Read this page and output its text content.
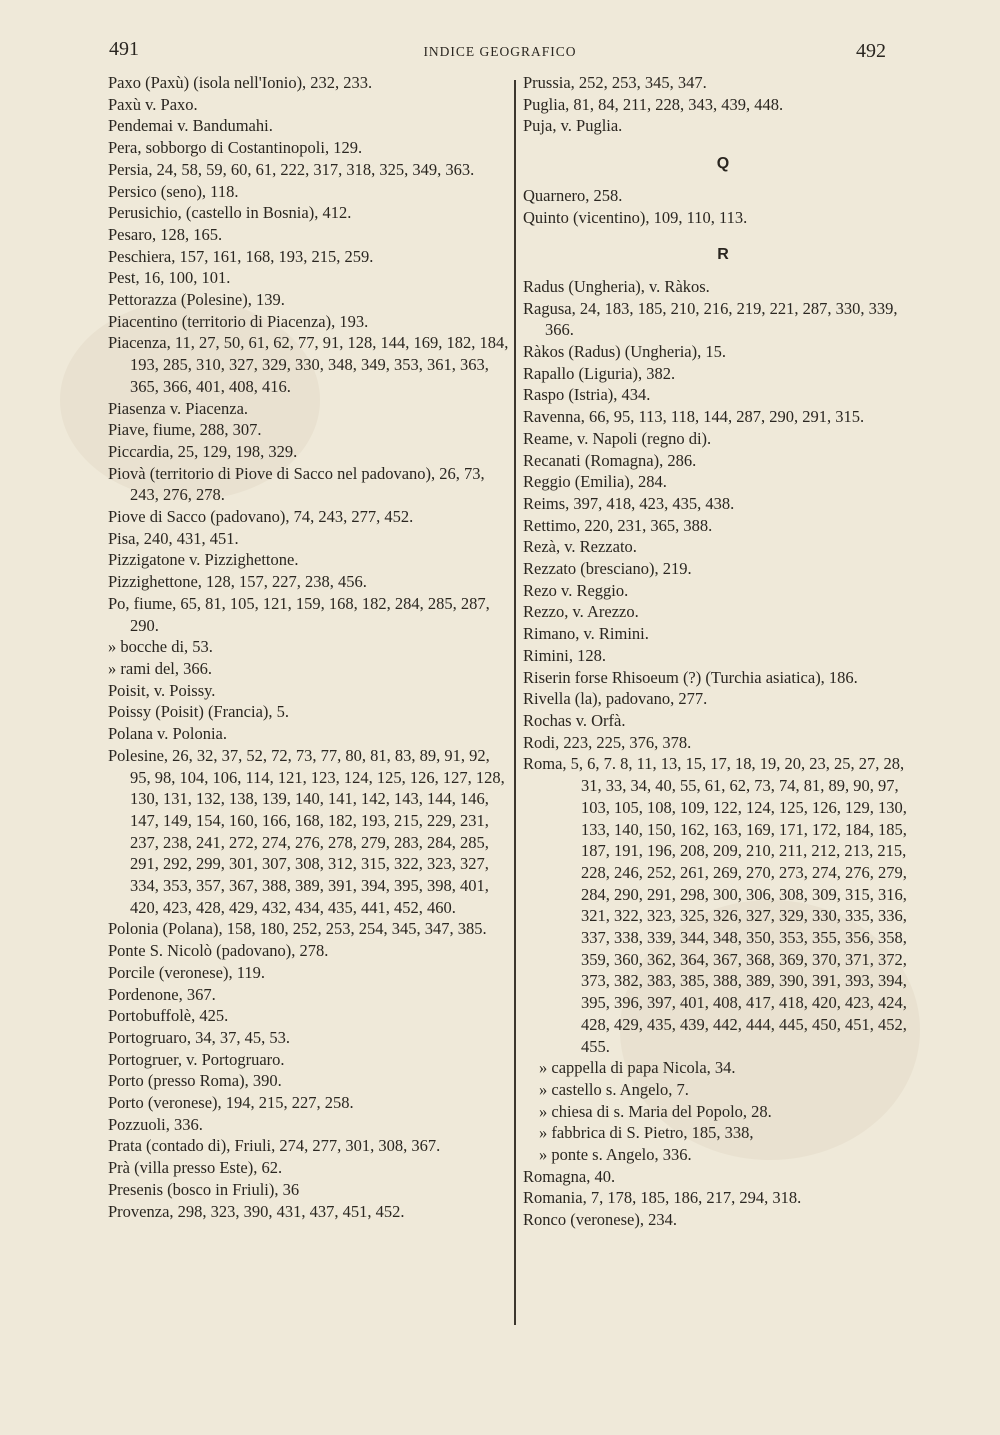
491	INDICE GEOGRAFICO	492
Paxo (Paxù) (isola nell'Ionio), 232, 233.
Paxù v. Paxo.
Pendemai v. Bandumahi.
Pera, sobborgo di Costantinopoli, 129.
Persia, 24, 58, 59, 60, 61, 222, 317, 318, 325, 349, 363.
Persico (seno), 118.
Perusichio, (castello in Bosnia), 412.
Pesaro, 128, 165.
Peschiera, 157, 161, 168, 193, 215, 259.
Pest, 16, 100, 101.
Pettorazza (Polesine), 139.
Piacentino (territorio di Piacenza), 193.
Piacenza, 11, 27, 50, 61, 62, 77, 91, 128, 144, 169, 182, 184, 193, 285, 310, 327, 329, 330, 348, 349, 353, 361, 363, 365, 366, 401, 408, 416.
Piasenza v. Piacenza.
Piave, fiume, 288, 307.
Piccardia, 25, 129, 198, 329.
Piovà (territorio di Piove di Sacco nel padovano), 26, 73, 243, 276, 278.
Piove di Sacco (padovano), 74, 243, 277, 452.
Pisa, 240, 431, 451.
Pizzigatone v. Pizzighettone.
Pizzighettone, 128, 157, 227, 238, 456.
Po, fiume, 65, 81, 105, 121, 159, 168, 182, 284, 285, 287, 290.
» bocche di, 53.
» rami del, 366.
Poisit, v. Poissy.
Poissy (Poisit) (Francia), 5.
Polana v. Polonia.
Polesine, 26, 32, 37, 52, 72, 73, 77, 80, 81, 83, 89, 91, 92, 95, 98, 104, 106, 114, 121, 123, 124, 125, 126, 127, 128, 130, 131, 132, 138, 139, 140, 141, 142, 143, 144, 146, 147, 149, 154, 160, 166, 168, 182, 193, 215, 229, 231, 237, 238, 241, 272, 274, 276, 278, 279, 283, 284, 285, 291, 292, 299, 301, 307, 308, 312, 315, 322, 323, 327, 334, 353, 357, 367, 388, 389, 391, 394, 395, 398, 401, 420, 423, 428, 429, 432, 434, 435, 441, 452, 460.
Polonia (Polana), 158, 180, 252, 253, 254, 345, 347, 385.
Ponte S. Nicolò (padovano), 278.
Porcile (veronese), 119.
Pordenone, 367.
Portobuffolè, 425.
Portogruaro, 34, 37, 45, 53.
Portogruer, v. Portogruaro.
Porto (presso Roma), 390.
Porto (veronese), 194, 215, 227, 258.
Pozzuoli, 336.
Prata (contado di), Friuli, 274, 277, 301, 308, 367.
Prà (villa presso Este), 62.
Presenis (bosco in Friuli), 36
Provenza, 298, 323, 390, 431, 437, 451, 452.
Prussia, 252, 253, 345, 347.
Puglia, 81, 84, 211, 228, 343, 439, 448.
Puja, v. Puglia.
Q
Quarnero, 258.
Quinto (vicentino), 109, 110, 113.
R
Radus (Ungheria), v. Ràkos.
Ragusa, 24, 183, 185, 210, 216, 219, 221, 287, 330, 339, 366.
Ràkos (Radus) (Ungheria), 15.
Rapallo (Liguria), 382.
Raspo (Istria), 434.
Ravenna, 66, 95, 113, 118, 144, 287, 290, 291, 315.
Reame, v. Napoli (regno di).
Recanati (Romagna), 286.
Reggio (Emilia), 284.
Reims, 397, 418, 423, 435, 438.
Rettimo, 220, 231, 365, 388.
Rezà, v. Rezzato.
Rezzato (bresciano), 219.
Rezo v. Reggio.
Rezzo, v. Arezzo.
Rimano, v. Rimini.
Rimini, 128.
Riserin forse Rhisoeum (?) (Turchia asiatica), 186.
Rivella (la), padovano, 277.
Rochas v. Orfà.
Rodi, 223, 225, 376, 378.
Roma, 5, 6, 7. 8, 11, 13, 15, 17, 18, 19, 20, 23, 25, 27, 28, 31, 33, 34, 40, 55, 61, 62, 73, 74, 81, 89, 90, 97, 103, 105, 108, 109, 122, 124, 125, 126, 129, 130, 133, 140, 150, 162, 163, 169, 171, 172, 184, 185, 187, 191, 196, 208, 209, 210, 211, 212, 213, 215, 228, 246, 252, 261, 269, 270, 273, 274, 276, 279, 284, 290, 291, 298, 300, 306, 308, 309, 315, 316, 321, 322, 323, 325, 326, 327, 329, 330, 335, 336, 337, 338, 339, 344, 348, 350, 353, 355, 356, 358, 359, 360, 362, 364, 367, 368, 369, 370, 371, 372, 373, 382, 383, 385, 388, 389, 390, 391, 393, 394, 395, 396, 397, 401, 408, 417, 418, 420, 423, 424, 428, 429, 435, 439, 442, 444, 445, 450, 451, 452, 455.
» cappella di papa Nicola, 34.
» castello s. Angelo, 7.
» chiesa di s. Maria del Popolo, 28.
» fabbrica di S. Pietro, 185, 338,
» ponte s. Angelo, 336.
Romagna, 40.
Romania, 7, 178, 185, 186, 217, 294, 318.
Ronco (veronese), 234.
